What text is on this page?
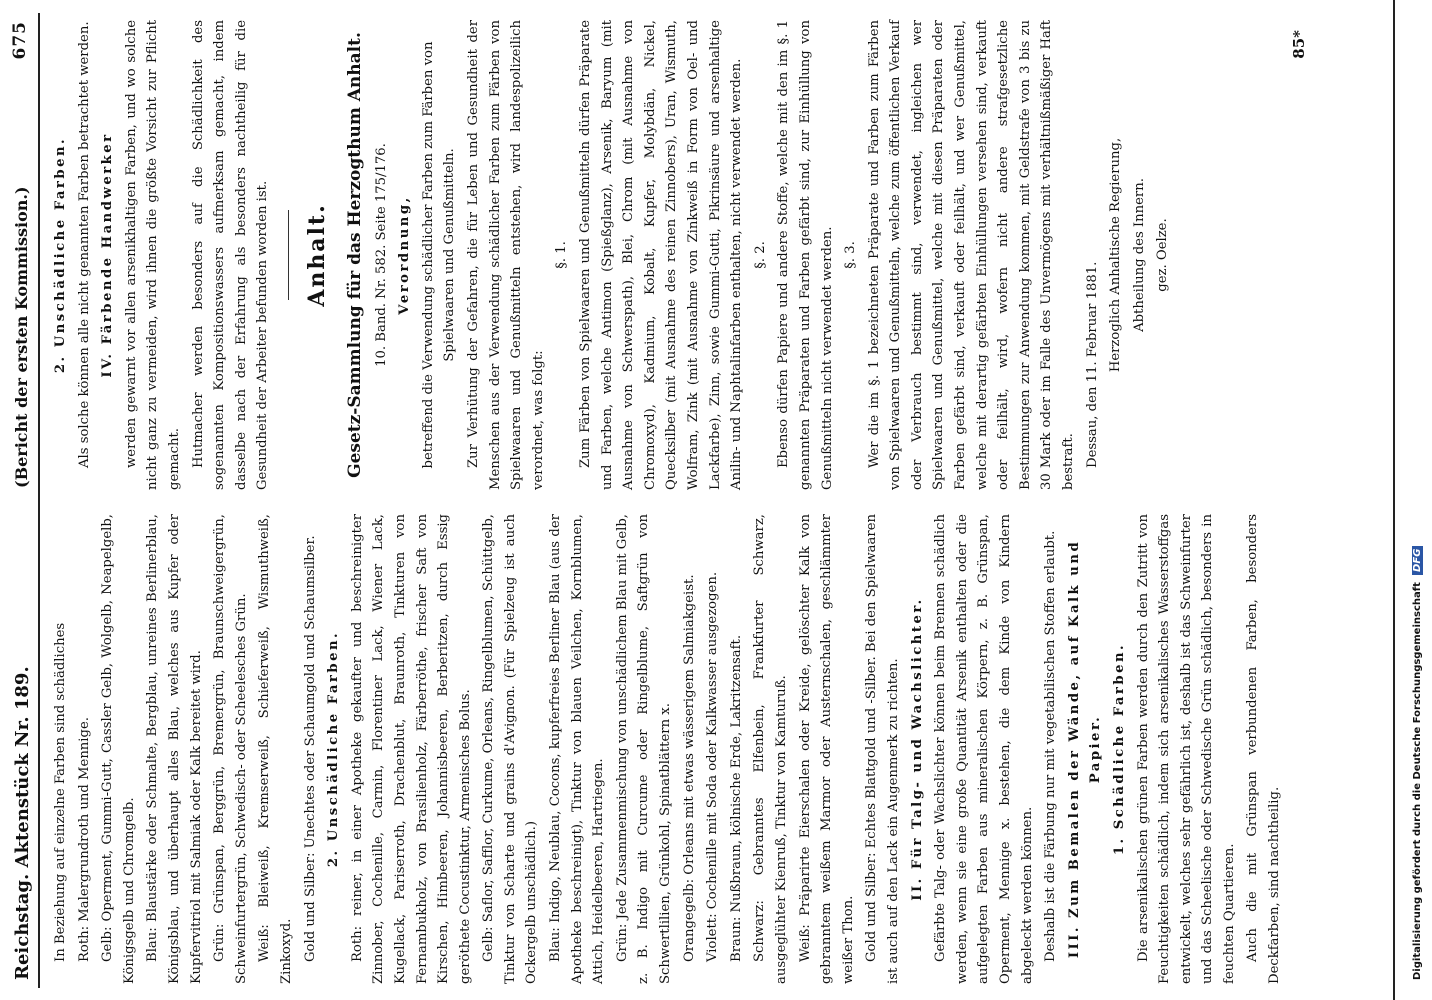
Reichstag. Aktenstück Nr. 189.
(Bericht der ersten Kommission.)
675

In Beziehung auf einzelne Farben sind schädliches Roth: Malergrundroth und Mennige. Gelb: Operment, Gummi-Gutt, Cassler Gelb, Wolgelb, Neapelgelb, Königsgelb und Chromgelb. Blau: Blaustärke oder Schmalte, Bergblau, unreines Berlinerblau, Königsblau, und überhaupt alles Blau, welches aus Kupfer oder Kupfervitriol mit Salmiak oder Kalk bereitet wird. Grün: Grünspan, Berggrün, Bremergrün, Braunschweigergrün, Schweinfurtergrün, Schwedisch- oder Scheelesches Grün. Weiß: Bleiweiß, Kremserweiß, Schieferweiß, Wismuthweiß, Zinkoxyd. Gold und Silber: Unechtes oder Schaumgold und Schaumsilber. 2. Unschädliche Farben. Roth: reiner, in einer Apotheke gekaufter und beschreinigter Zinnober, Cochenille, Carmin, Florentiner Lack, Wiener Lack, Kugellack, Pariserroth, Drachenblut, Braunroth, Tinkturen von Fernambukholz, von Brasilienholz, Färberröthe, frischer Saft von Kirschen, Himbeeren, Johannisbeeren, Berberitzen, durch Essig geröthete Cocustinktur, Armenisches Bolus. Gelb: Saflor, Safflor, Curkume, Orleans, Ringelblumen, Schüttgelb, Tinktur von Scharte und grains d'Avignon. (Für Spielzeug ist auch Ockergelb unschädlich.) Blau: Indigo, Neublau, Cocons, kupferfreies Berliner Blau (aus der Apotheke beschreinigt), Tinktur von blauen Veilchen, Kornblumen, Attich, Heidelbeeren, Hartriegen. Grün: Jede Zusammenmischung von unschädlichem Blau mit Gelb, z. B. Indigo mit Curcume oder Ringelblume, Saftgrün von Schwertlilien, Grünkohl, Spinatblättern x. Orangegelb: Orleans mit etwas wässerigem Salmiakgeist. Violett: Cochenille mit Soda oder Kalkwasser ausgezogen. Braun: Nußbraun, kölnische Erde, Lakritzensaft. Schwarz: Gebranntes Elfenbein, Frankfurter Schwarz, ausgeglühter Kienruß, Tinktur von Kamturuß. Weiß: Präparirte Eierschalen oder Kreide, gelöschter Kalk von gebranntem weißem Marmor oder Austernschalen, geschlämmter weißer Thon. Gold und Silber: Echtes Blattgold und -Silber. Bei den Spielwaaren ist auch auf den Lack ein Augenmerk zu richten. II. Für Talg- und Wachslichter. Gefärbte Talg- oder Wachslichter können beim Brennen schädlich werden, wenn sie eine große Quantität Arsenik enthalten oder die aufgelegten Farben aus mineralischen Körpern, z. B. Grünspan, Operment, Mennige x. bestehen, die dem Kinde von Kindern abgeleckt werden können. Deshalb ist die Färbung nur mit vegetabilischen Stoffen erlaubt. III. Zum Bemalen der Wände, auf Kalk und Papier. 1. Schädliche Farben. Die arsenikalischen grünen Farben werden durch den Zutritt von Feuchtigkeiten schädlich, indem sich arsenikalisches Wasserstoffgas entwickelt, welches sehr gefährlich ist, deshalb ist das Schweinfurter und das Scheelische oder Schwedische Grün schädlich, besonders in feuchten Quartieren. Auch die mit Grünspan verbundenen Farben, besonders Deckfarben, sind nachtheilig.

2. Unschädliche Farben. Als solche können alle nicht genannten Farben betrachtet werden. IV. Färbende Handwerker werden gewarnt vor allen arsenikhaltigen Farben, und wo solche nicht ganz zu vermeiden, wird ihnen die größte Vorsicht zur Pflicht gemacht. Hutmacher werden besonders auf die Schädlichkeit des sogenannten Kompositionswassers aufmerksam gemacht, indem dasselbe nach der Erfahrung als besonders nachtheilig für die Gesundheit der Arbeiter befunden worden ist. Anhalt. Gesetz-Sammlung für das Herzogthum Anhalt. 10. Band. Nr. 582. Seite 175/176. Verordnung, betreffend die Verwendung schädlicher Farben zum Färben von Spielwaaren und Genußmitteln. Zur Verhütung der Gefahren, die für Leben und Gesundheit der Menschen aus der Verwendung schädlicher Farben zum Färben von Spielwaaren und Genußmitteln entstehen, wird landespolizeilich verordnet, was folgt:

§. 1. Zum Färben von Spielwaaren und Genußmitteln dürfen Präparate und Farben, welche Antimon (Spießglanz), Arsenik, Baryum (mit Ausnahme von Schwerspath), Blei, Chrom (mit Ausnahme von Chromoxyd), Kadmium, Kobalt, Kupfer, Molybdän, Nickel, Quecksilber (mit Ausnahme des reinen Zinnobers), Uran, Wismuth, Wolfram, Zink (mit Ausnahme von Zinkweiß in Form von Oel- und Lackfarbe), Zinn, sowie Gummi-Gutti, Pikrinsäure und arsenhaltige Anilin- und Naphtalinfarben enthalten, nicht verwendet werden. §. 2. Ebenso dürfen Papiere und andere Stoffe, welche mit den im §. 1 genannten Präparaten und Farben gefärbt sind, zur Einhüllung von Genußmitteln nicht verwendet werden. §. 3. Wer die im §. 1 bezeichneten Präparate und Farben zum Färben von Spielwaaren und Genußmitteln, welche zum öffentlichen Verkauf oder Verbrauch bestimmt sind, verwendet, ingleichen wer Spielwaaren und Genußmittel, welche mit diesen Präparaten oder Farben gefärbt sind, verkauft oder feilhält, und wer Genußmittel, welche mit derartig gefärbten Einhüllungen versehen sind, verkauft oder feilhält, wird, wofern nicht andere strafgesetzliche Bestimmungen zur Anwendung kommen, mit Geldstrafe von 3 bis zu 30 Mark oder im Falle des Unvermögens mit verhältnißmäßiger Haft bestraft. Dessau, den 11. Februar 1881. Herzoglich Anhaltische Regierung, Abtheilung des Innern. gez. Oelze.

85*
Digitalisierung gefördert durch die Deutsche Forschungsgemeinschaft DFG
